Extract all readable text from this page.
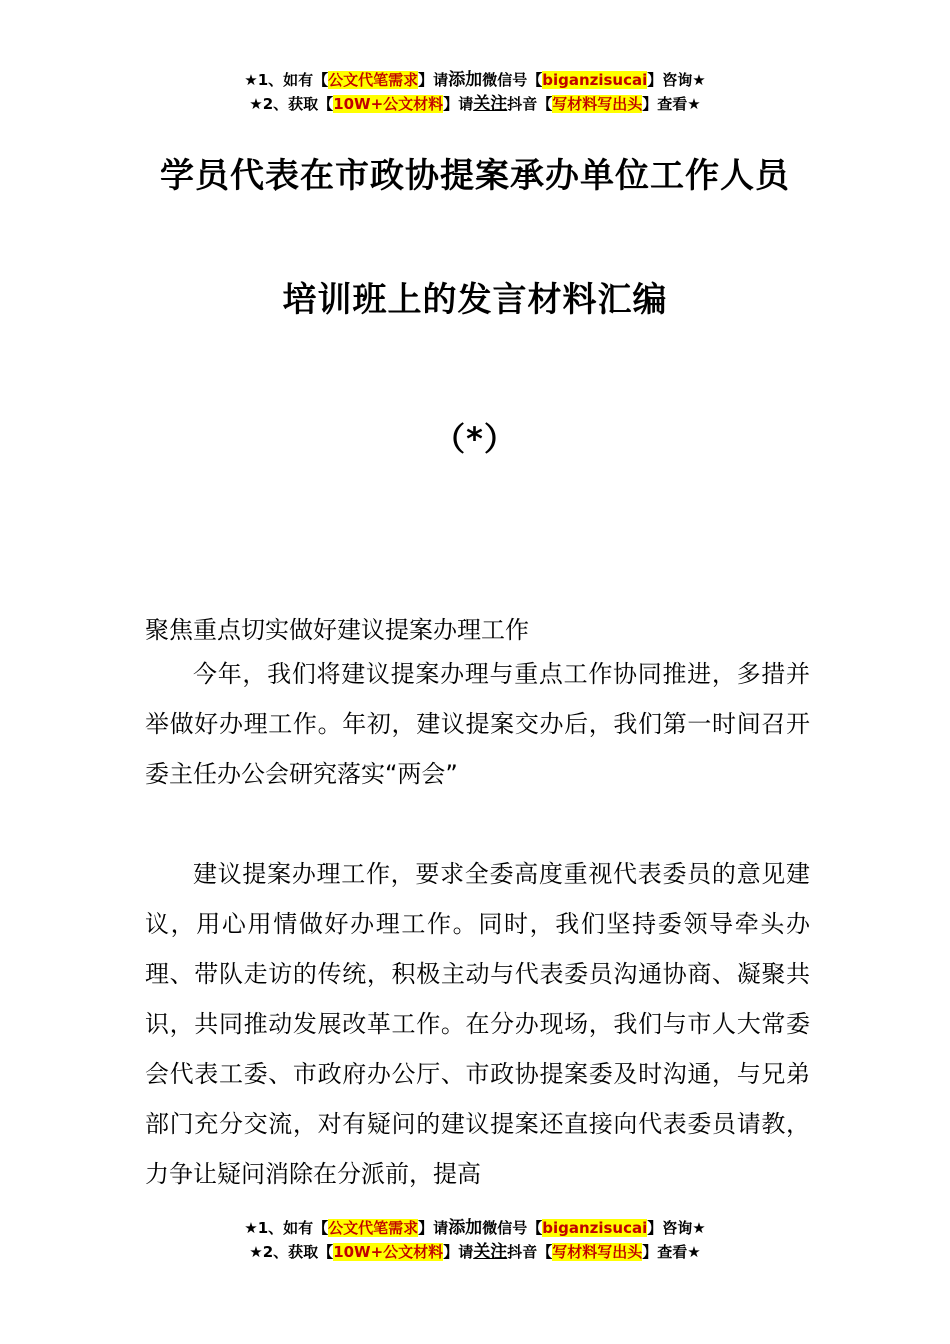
★1、如有【公文代笔需求】请添加微信号【biganzisucai】咨询★
★2、获取【10W+公文材料】请关注抖音【写材料写出头】查看★
学员代表在市政协提案承办单位工作人员
培训班上的发言材料汇编
（*）

聚焦重点切实做好建议提案办理工作

今年，我们将建议提案办理与重点工作协同推进，多措并举做好办理工作。年初，建议提案交办后，我们第一时间召开委主任办公会研究落实“两会”

建议提案办理工作，要求全委高度重视代表委员的意见建议，用心用情做好办理工作。同时，我们坚持委领导牵头办理、带队走访的传统，积极主动与代表委员沟通协商、凝聚共识，共同推动发展改革工作。在分办现场，我们与市人大常委会代表工委、市政府办公厅、市政协提案委及时沟通，与兄弟部门充分交流，对有疑问的建议提案还直接向代表委员请教，力争让疑问消除在分派前，提高

★1、如有【公文代笔需求】请添加微信号【biganzisucai】咨询★
★2、获取【10W+公文材料】请关注抖音【写材料写出头】查看★
